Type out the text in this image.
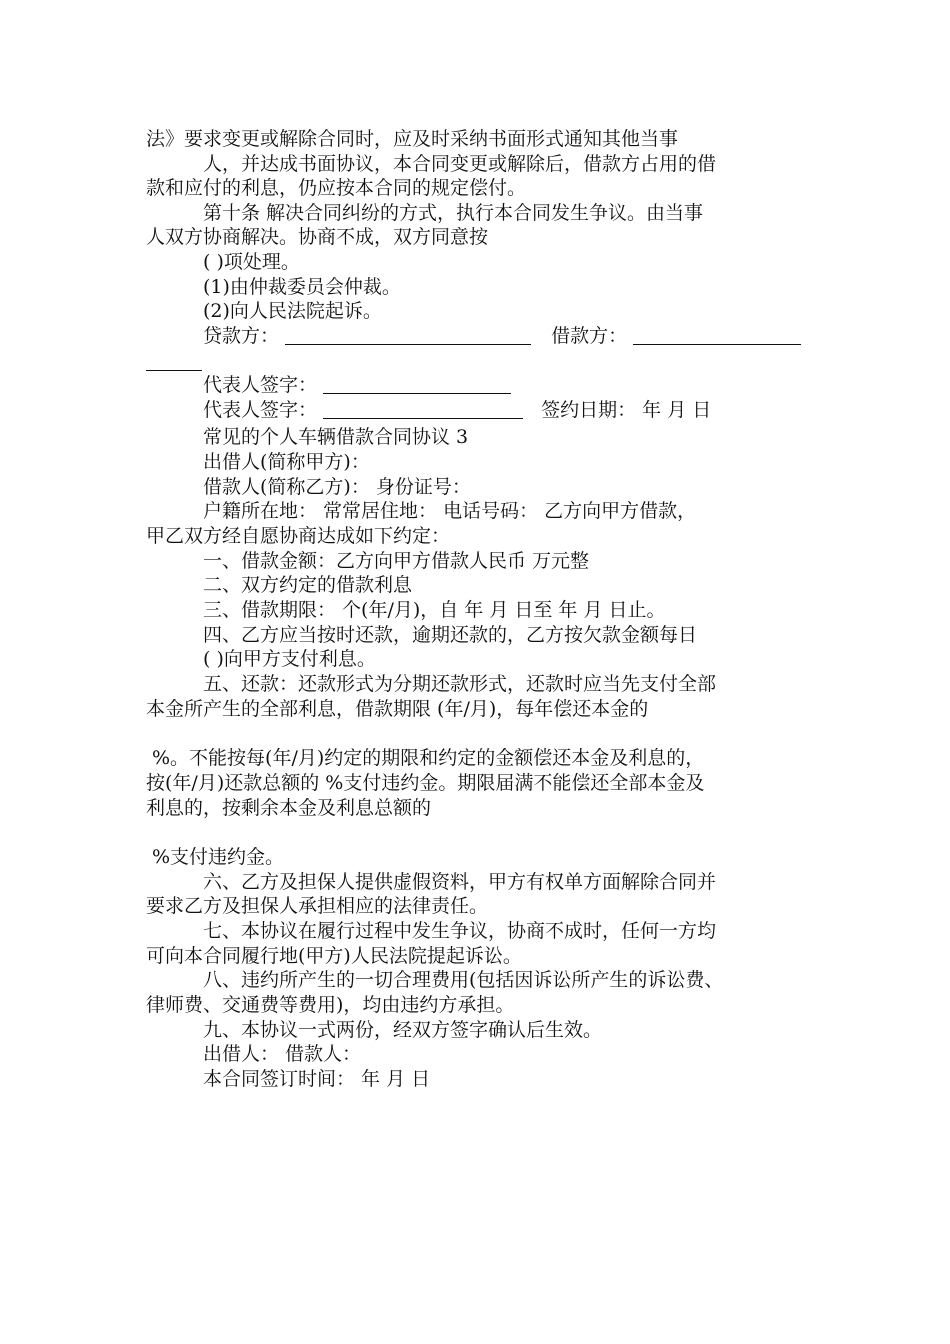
法》要求变更或解除合同时，应及时采纳书面形式通知其他当事

人，并达成书面协议，本合同变更或解除后，借款方占用的借

款和应付的利息，仍应按本合同的规定偿付。

第十条 解决合同纠纷的方式，执行本合同发生争议。由当事

人双方协商解决。协商不成，双方同意按

( )项处理。

(1)由仲裁委员会仲裁。

(2)向人民法院起诉。

贷款方：	借款方：

代表人签字：

代表人签字：	签约日期： 年 月 日

常见的个人车辆借款合同协议 3

出借人(简称甲方)：

借款人(简称乙方)： 身份证号：

户籍所在地： 常常居住地： 电话号码： 乙方向甲方借款，

甲乙双方经自愿协商达成如下约定：

一、借款金额：乙方向甲方借款人民币 万元整

二、双方约定的借款利息

三、借款期限： 个(年/月)，自 年 月 日至 年 月 日止。

四、乙方应当按时还款，逾期还款的，乙方按欠款金额每日

( )向甲方支付利息。

五、还款：还款形式为分期还款形式，还款时应当先支付全部

本金所产生的全部利息，借款期限 (年/月)，每年偿还本金的

%。不能按每(年/月)约定的期限和约定的金额偿还本金及利息的，

按(年/月)还款总额的 %支付违约金。期限届满不能偿还全部本金及

利息的，按剩余本金及利息总额的

%支付违约金。

六、乙方及担保人提供虚假资料，甲方有权单方面解除合同并

要求乙方及担保人承担相应的法律责任。

七、本协议在履行过程中发生争议，协商不成时，任何一方均

可向本合同履行地(甲方)人民法院提起诉讼。

八、违约所产生的一切合理费用(包括因诉讼所产生的诉讼费、

律师费、交通费等费用)，均由违约方承担。

九、本协议一式两份，经双方签字确认后生效。

出借人： 借款人：

本合同签订时间： 年 月 日
